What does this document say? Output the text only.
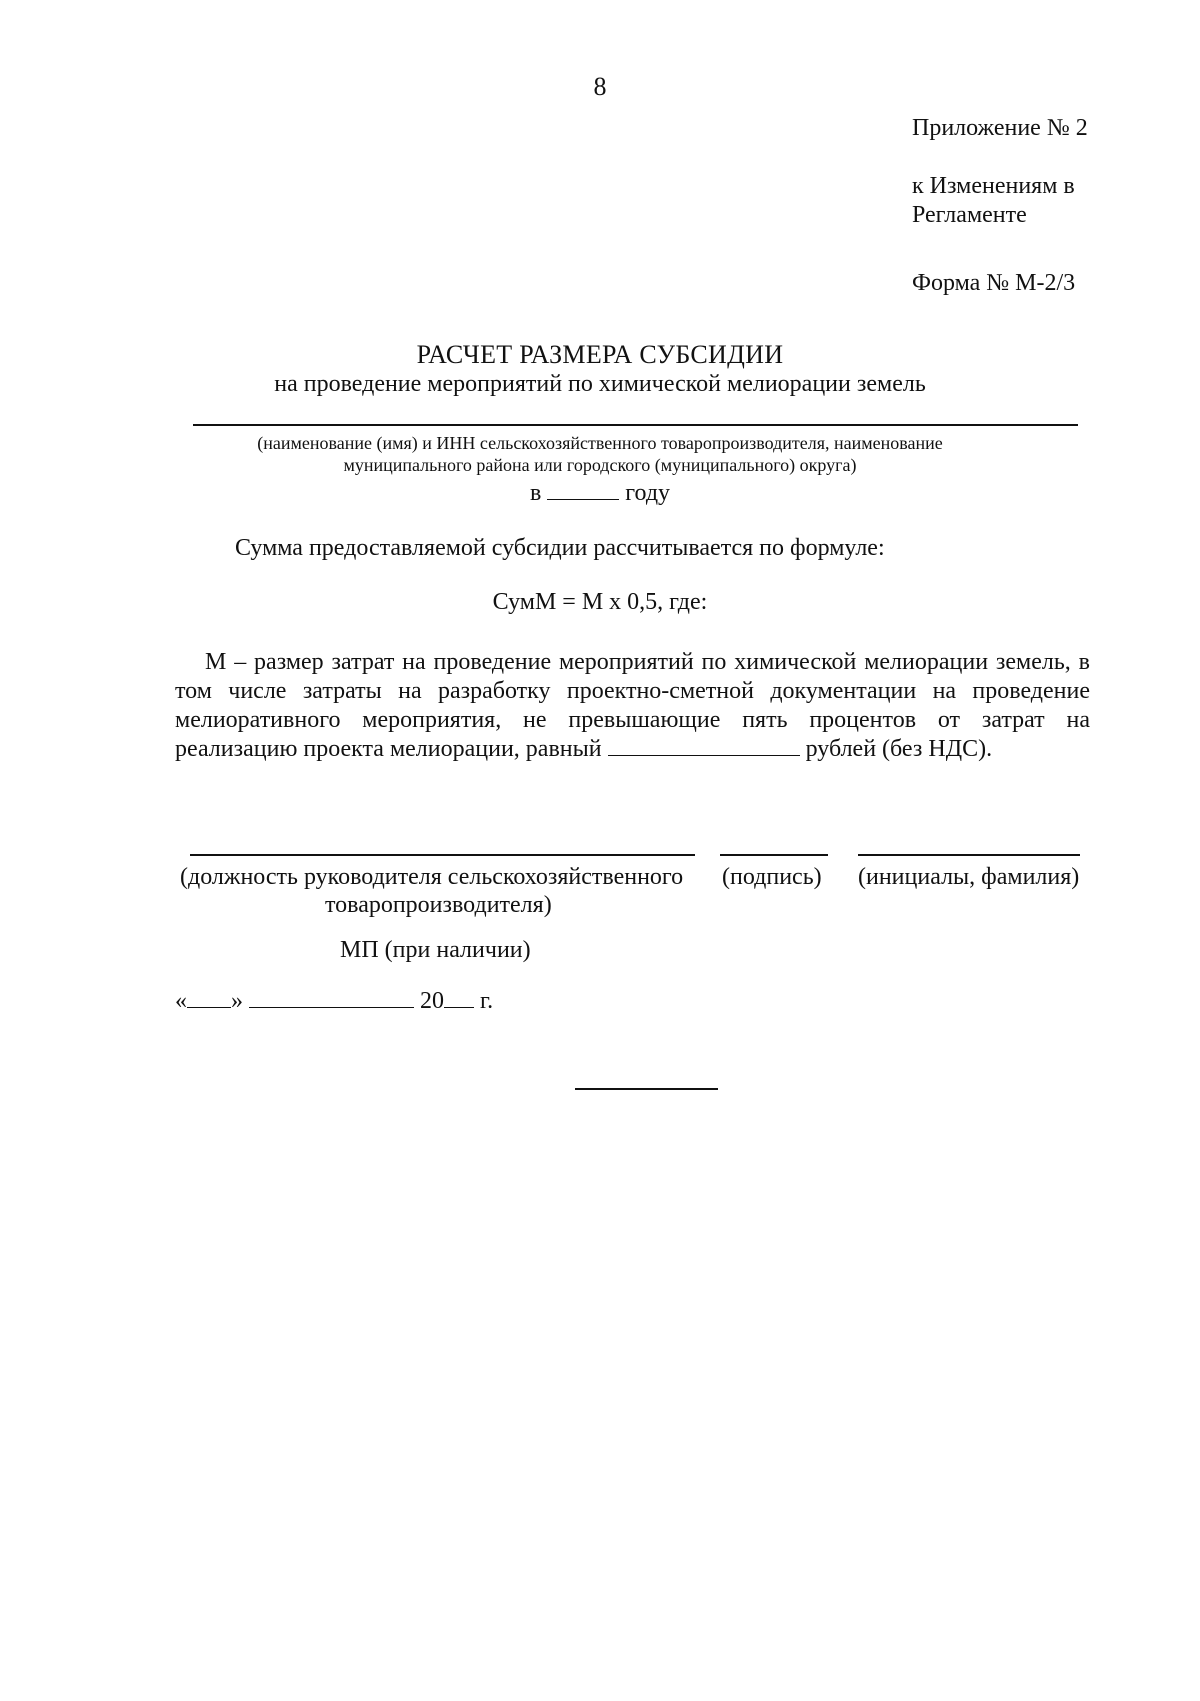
8
Приложение № 2
к Изменениям в
Регламенте
Форма № М-2/3
РАСЧЕТ РАЗМЕРА СУБСИДИИ
на проведение мероприятий по химической мелиорации земель
(наименование (имя) и ИНН сельскохозяйственного товаропроизводителя, наименование
муниципального района или городского (муниципального) округа)
в	году
Сумма предоставляемой субсидии рассчитывается по формуле:
СумМ = М x 0,5, где:
М – размер затрат на проведение мероприятий по химической мелиорации земель, в том числе затраты на разработку проектно-сметной документации на проведение мелиоративного мероприятия, не превышающие пять процентов от затрат на реализацию проекта мелиорации, равный	рублей (без НДС).
(должность руководителя сельскохозяйственного
товаропроизводителя)
(подпись) (инициалы, фамилия)
МП (при наличии)
« »	20 г.
